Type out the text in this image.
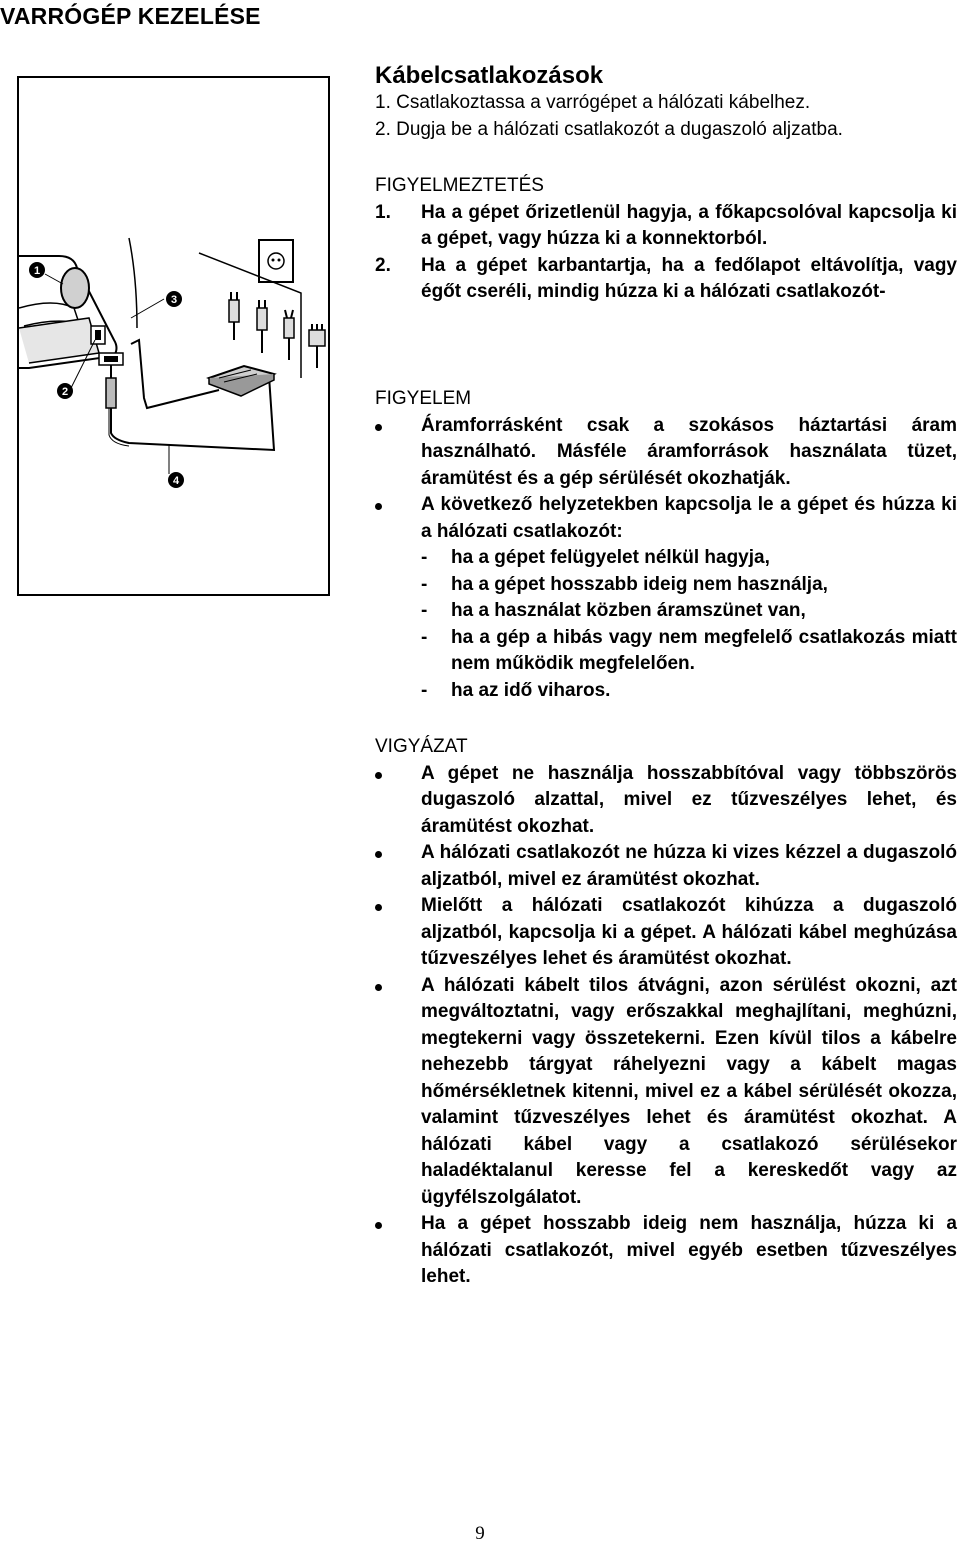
VARRÓGÉP KEZELÉSE
1
2
3
4
Kábelcsatlakozások
1. Csatlakoztassa a varrógépet a hálózati kábelhez.
2. Dugja be a hálózati csatlakozót a dugaszoló aljzatba.
FIGYELMEZTETÉS
1. Ha a gépet őrizetlenül hagyja, a főkapcsolóval kapcsolja ki a gépet, vagy húzza ki a konnektorból.
2. Ha a gépet karbantartja, ha a fedőlapot eltávolítja, vagy égőt cseréli, mindig húzza ki a hálózati csatlakozót-
FIGYELEM
Áramforrásként csak a szokásos háztartási áram használható. Másféle áramforrások használata tüzet, áramütést és a gép sérülését okozhatják.
A következő helyzetekben kapcsolja le a gépet és húzza ki a hálózati csatlakozót:
- ha a gépet felügyelet nélkül hagyja,
- ha a gépet hosszabb ideig nem használja,
- ha a használat közben áramszünet van,
- ha a gép a hibás vagy nem megfelelő csatlakozás miatt nem működik megfelelően.
- ha az idő viharos.
VIGYÁZAT
A gépet ne használja hosszabbítóval vagy többszörös dugaszoló alzattal, mivel ez tűzveszélyes lehet, és áramütést okozhat.
A hálózati csatlakozót ne húzza ki vizes kézzel a dugaszoló aljzatból, mivel ez áramütést okozhat.
Mielőtt a hálózati csatlakozót kihúzza a dugaszoló aljzatból, kapcsolja ki a gépet. A hálózati kábel meghúzása tűzveszélyes lehet és áramütést okozhat.
A hálózati kábelt tilos átvágni, azon sérülést okozni, azt megváltoztatni, vagy erőszakkal meghajlítani, meghúzni, megtekerni vagy összetekerni. Ezen kívül tilos a kábelre nehezebb tárgyat ráhelyezni vagy a kábelt magas hőmérsékletnek kitenni, mivel ez a kábel sérülését okozza, valamint tűzveszélyes lehet és áramütést okozhat. A hálózati kábel vagy a csatlakozó sérülésekor haladéktalanul keresse fel a kereskedőt vagy az ügyfélszolgálatot.
Ha a gépet hosszabb ideig nem használja, húzza ki a hálózati csatlakozót, mivel egyéb esetben tűzveszélyes lehet.
9
